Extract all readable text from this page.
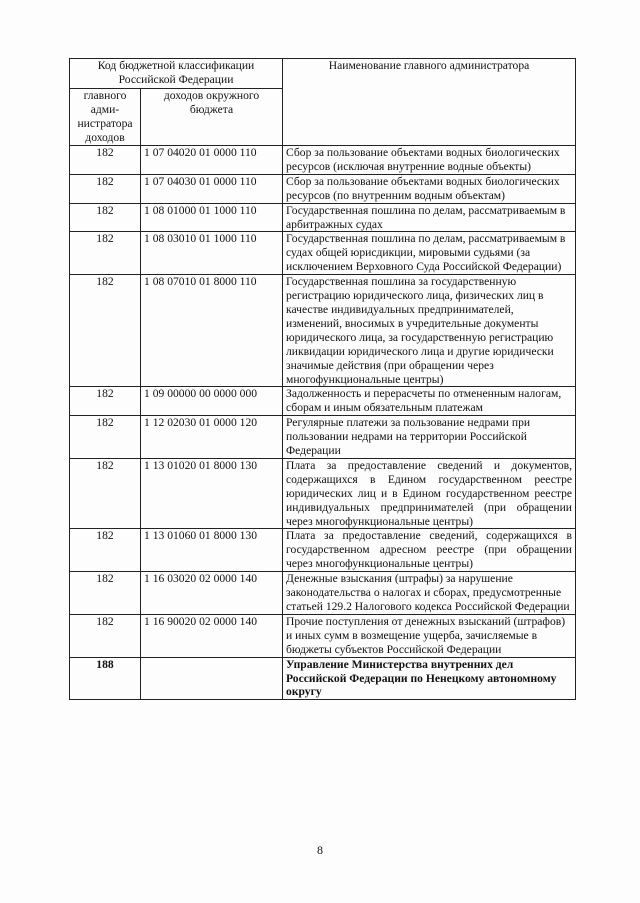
Код бюджетной классификации Российской Федерации		Наименование главного администратора
главного адми- нистратора доходов	доходов окружного бюджета	
182	1 07 04020 01 0000 110	Сбор за пользование объектами водных биологических ресурсов (исключая внутренние водные объекты)
182	1 07 04030 01 0000 110	Сбор за пользование объектами водных биологических ресурсов (по внутренним водным объектам)
182	1 08 01000 01 1000 110	Государственная пошлина по делам, рассматриваемым в арбитражных судах
182	1 08 03010 01 1000 110	Государственная пошлина по делам, рассматриваемым в судах общей юрисдикции, мировыми судьями (за исключением Верховного Суда Российской Федерации)
182	1 08 07010 01 8000 110	Государственная пошлина за государственную регистрацию юридического лица, физических лиц в качестве индивидуальных предпринимателей, изменений, вносимых в учредительные документы юридического лица, за государственную регистрацию ликвидации юридического лица и другие юридически значимые действия (при обращении через многофункциональные центры)
182	1 09 00000 00 0000 000	Задолженность и перерасчеты по отмененным налогам, сборам и иным обязательным платежам
182	1 12 02030 01 0000 120	Регулярные платежи за пользование недрами при пользовании недрами на территории Российской Федерации
182	1 13 01020 01 8000 130	Плата за предоставление сведений и документов, содержащихся в Едином государственном реестре юридических лиц и в Едином государственном реестре индивидуальных предпринимателей (при обращении через многофункциональные центры)
182	1 13 01060 01 8000 130	Плата за предоставление сведений, содержащихся в государственном адресном реестре (при обращении через многофункциональные центры)
182	1 16 03020 02 0000 140	Денежные взыскания (штрафы) за нарушение законодательства о налогах и сборах, предусмотренные статьей 129.2 Налогового кодекса Российской Федерации
182	1 16 90020 02 0000 140	Прочие поступления от денежных взысканий (штрафов) и иных сумм в возмещение ущерба, зачисляемые в бюджеты субъектов Российской Федерации
188		Управление Министерства внутренних дел Российской Федерации по Ненецкому автономному округу
8
